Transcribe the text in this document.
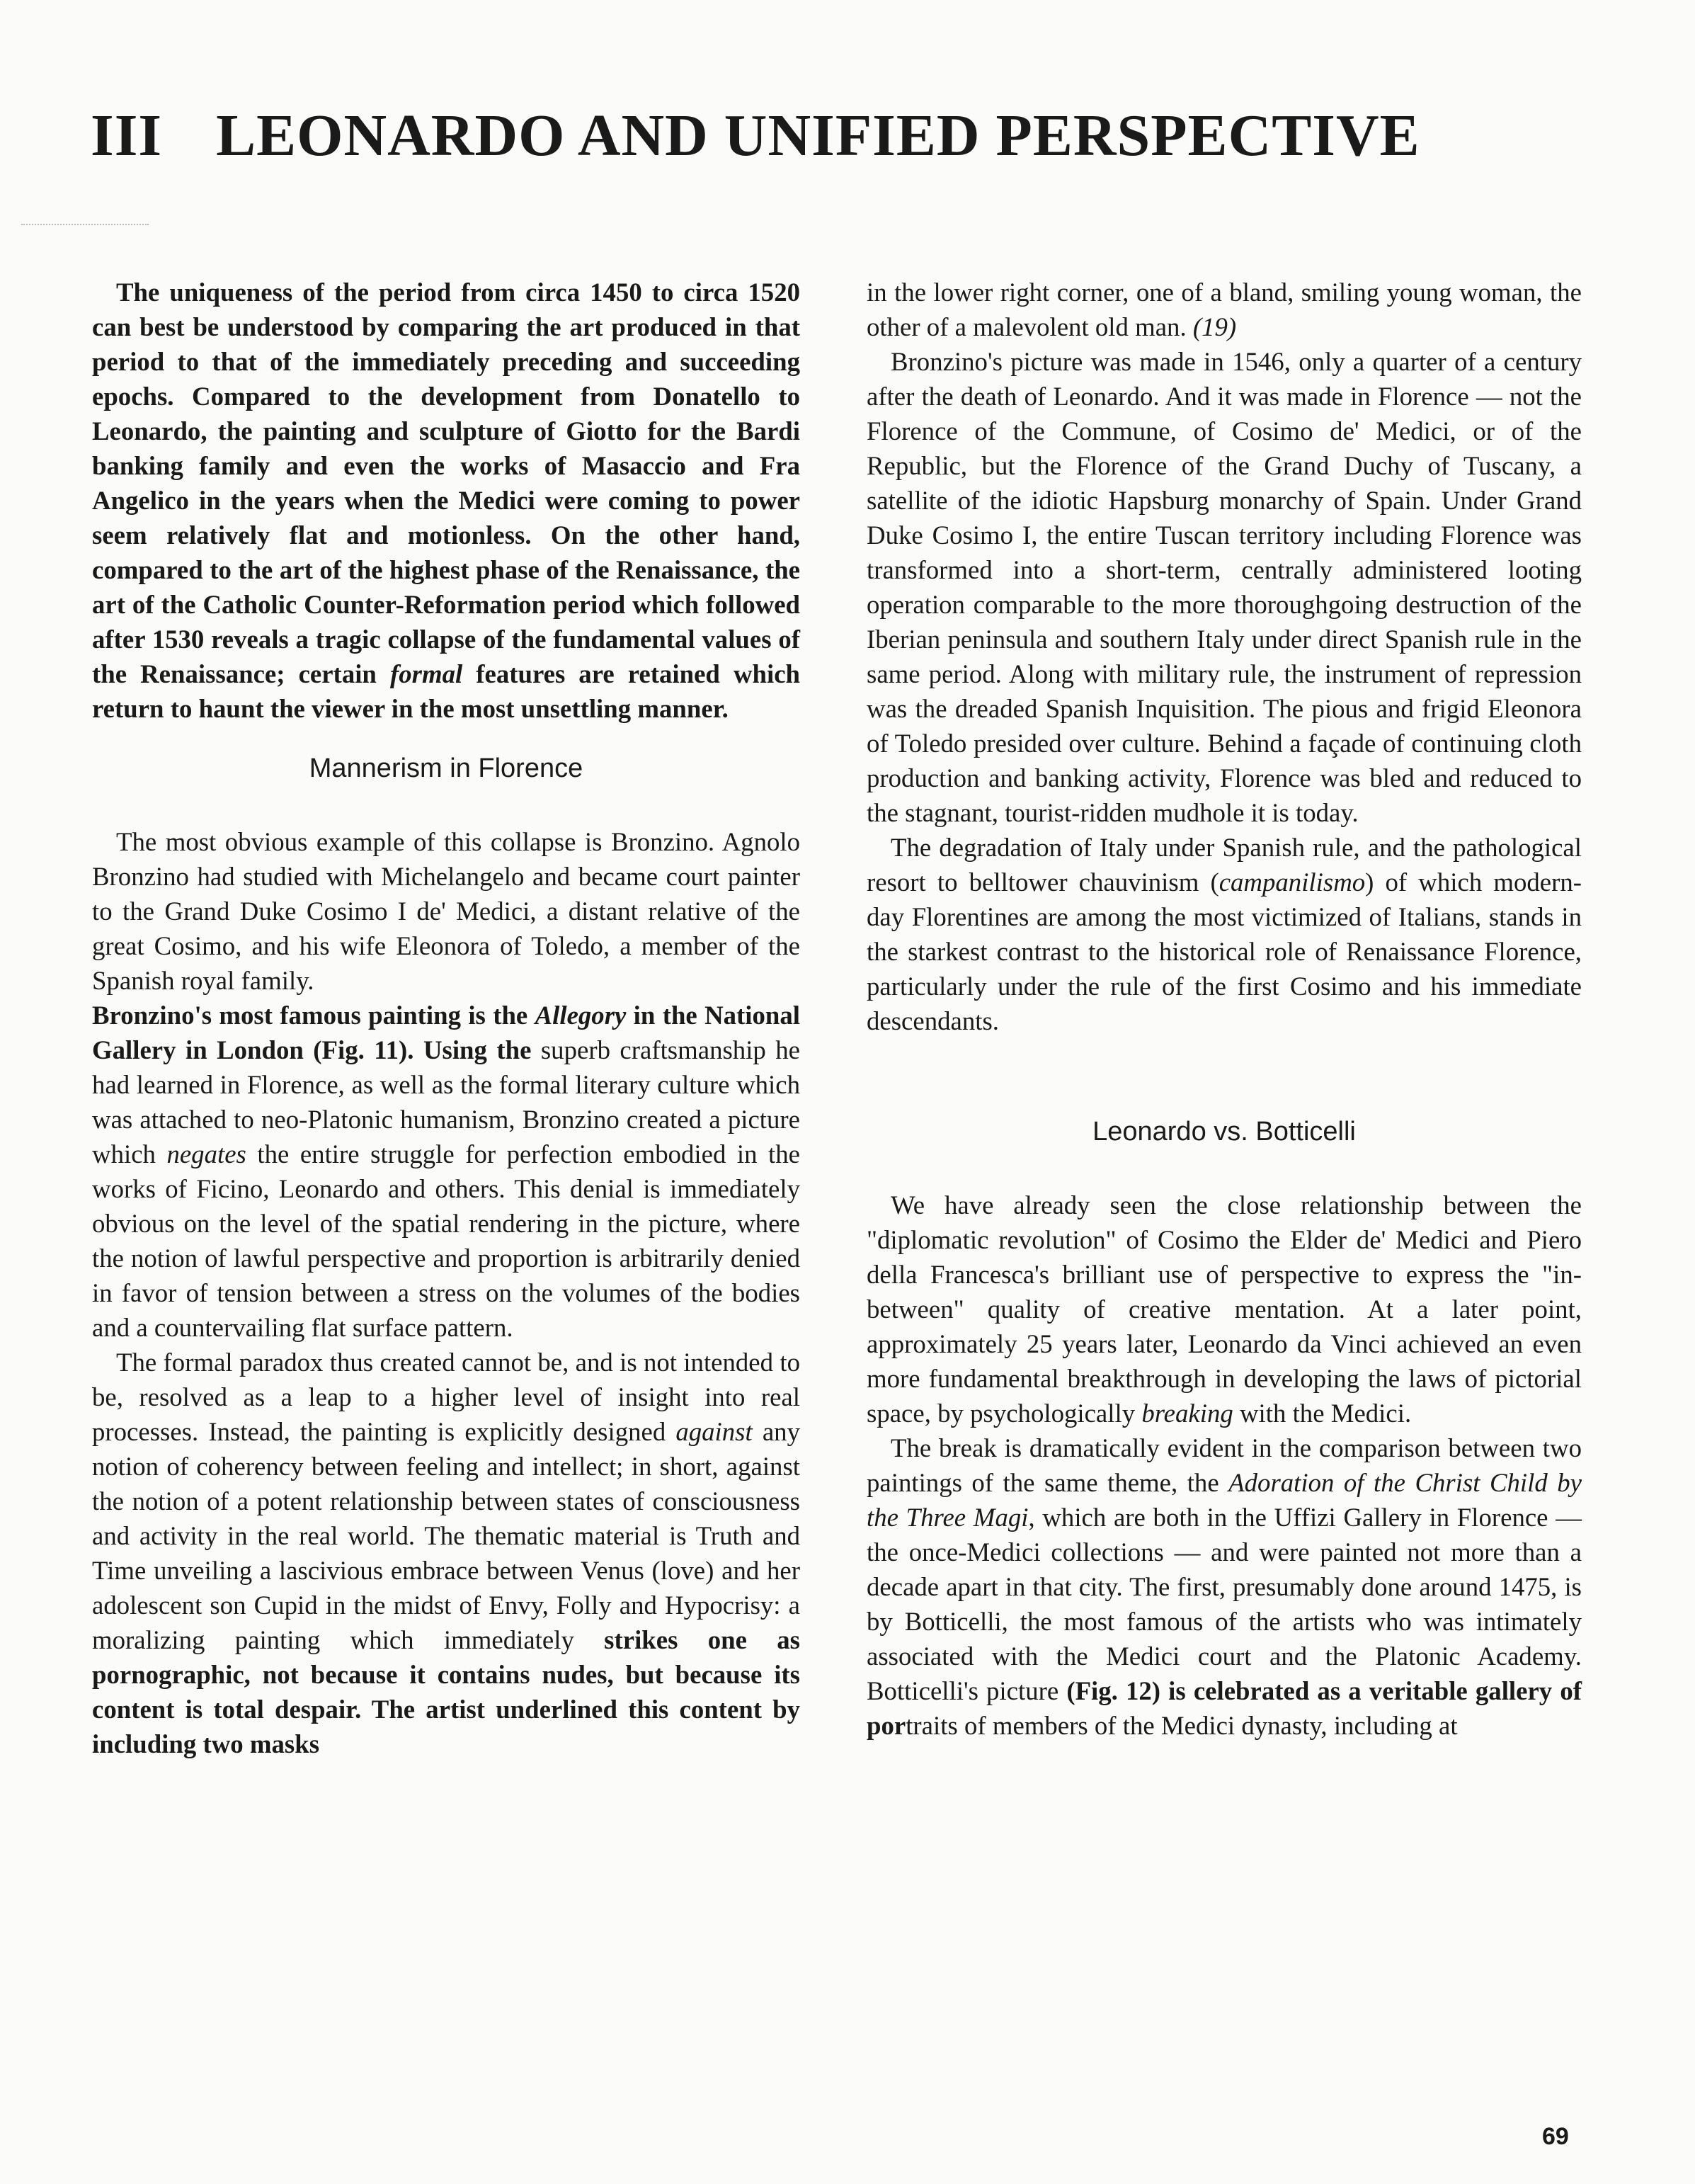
III LEONARDO AND UNIFIED PERSPECTIVE

The uniqueness of the period from circa 1450 to circa 1520 can best be understood by comparing the art produced in that period to that of the immediately preceding and succeeding epochs. Compared to the development from Donatello to Leonardo, the painting and sculpture of Giotto for the Bardi banking family and even the works of Masaccio and Fra Angelico in the years when the Medici were coming to power seem relatively flat and motionless. On the other hand, compared to the art of the highest phase of the Renaissance, the art of the Catholic Counter-Reformation period which followed after 1530 reveals a tragic collapse of the fundamental values of the Renaissance; certain formal features are retained which return to haunt the viewer in the most unsettling manner.

Mannerism in Florence

The most obvious example of this collapse is Bronzino. Agnolo Bronzino had studied with Michelangelo and became court painter to the Grand Duke Cosimo I de' Medici, a distant relative of the great Cosimo, and his wife Eleonora of Toledo, a member of the Spanish royal family.

Bronzino's most famous painting is the Allegory in the National Gallery in London (Fig. 11). Using the superb craftsmanship he had learned in Florence, as well as the formal literary culture which was attached to neo-Platonic humanism, Bronzino created a picture which negates the entire struggle for perfection embodied in the works of Ficino, Leonardo and others. This denial is immediately obvious on the level of the spatial rendering in the picture, where the notion of lawful perspective and proportion is arbitrarily denied in favor of tension between a stress on the volumes of the bodies and a countervailing flat surface pattern.

The formal paradox thus created cannot be, and is not intended to be, resolved as a leap to a higher level of insight into real processes. Instead, the painting is explicitly designed against any notion of coherency between feeling and intellect; in short, against the notion of a potent relationship between states of consciousness and activity in the real world. The thematic material is Truth and Time unveiling a lascivious embrace between Venus (love) and her adolescent son Cupid in the midst of Envy, Folly and Hypocrisy: a moralizing painting which immediately strikes one as pornographic, not because it contains nudes, but because its content is total despair. The artist underlined this content by including two masks

in the lower right corner, one of a bland, smiling young woman, the other of a malevolent old man. (19)

Bronzino's picture was made in 1546, only a quarter of a century after the death of Leonardo. And it was made in Florence — not the Florence of the Commune, of Cosimo de' Medici, or of the Republic, but the Florence of the Grand Duchy of Tuscany, a satellite of the idiotic Hapsburg monarchy of Spain. Under Grand Duke Cosimo I, the entire Tuscan territory including Florence was transformed into a short-term, centrally administered looting operation comparable to the more thoroughgoing destruction of the Iberian peninsula and southern Italy under direct Spanish rule in the same period. Along with military rule, the instrument of repression was the dreaded Spanish Inquisition. The pious and frigid Eleonora of Toledo presided over culture. Behind a façade of continuing cloth production and banking activity, Florence was bled and reduced to the stagnant, tourist-ridden mudhole it is today.

The degradation of Italy under Spanish rule, and the pathological resort to belltower chauvinism (campanilismo) of which modern-day Florentines are among the most victimized of Italians, stands in the starkest contrast to the historical role of Renaissance Florence, particularly under the rule of the first Cosimo and his immediate descendants.

Leonardo vs. Botticelli

We have already seen the close relationship between the "diplomatic revolution" of Cosimo the Elder de' Medici and Piero della Francesca's brilliant use of perspective to express the "in-between" quality of creative mentation. At a later point, approximately 25 years later, Leonardo da Vinci achieved an even more fundamental breakthrough in developing the laws of pictorial space, by psychologically breaking with the Medici.

The break is dramatically evident in the comparison between two paintings of the same theme, the Adoration of the Christ Child by the Three Magi, which are both in the Uffizi Gallery in Florence — the once-Medici collections — and were painted not more than a decade apart in that city. The first, presumably done around 1475, is by Botticelli, the most famous of the artists who was intimately associated with the Medici court and the Platonic Academy. Botticelli's picture (Fig. 12) is celebrated as a veritable gallery of portraits of members of the Medici dynasty, including at

69
